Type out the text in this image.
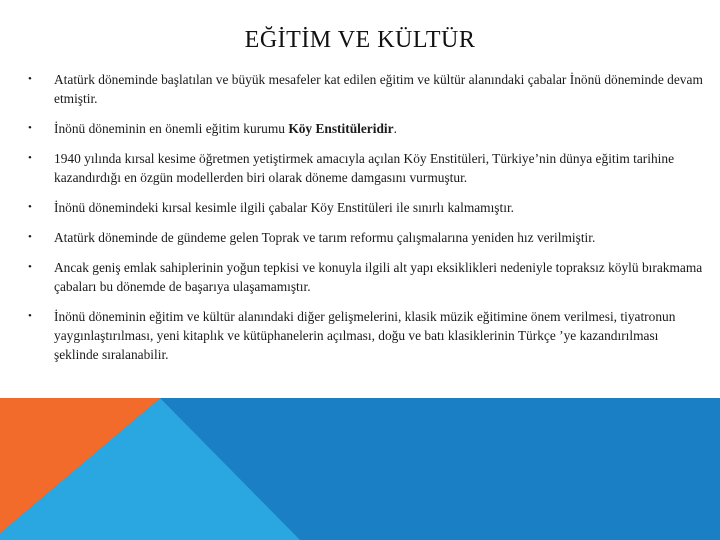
EĞİTİM VE KÜLTÜR
• Atatürk döneminde başlatılan ve büyük mesafeler kat edilen eğitim ve kültür alanındaki çabalar İnönü döneminde devam etmiştir.
• İnönü döneminin en önemli eğitim kurumu Köy Enstitüleridir.
• 1940 yılında kırsal kesime öğretmen yetiştirmek amacıyla açılan Köy Enstitüleri, Türkiye’nin dünya eğitim tarihine kazandırdığı en özgün modellerden biri olarak döneme damgasını vurmuştur.
• İnönü dönemindeki kırsal kesimle ilgili çabalar Köy Enstitüleri ile sınırlı kalmamıştır.
• Atatürk döneminde de gündeme gelen Toprak ve tarım reformu çalışmalarına yeniden hız verilmiştir.
• Ancak geniş emlak sahiplerinin yoğun tepkisi ve konuyla ilgili alt yapı eksiklikleri nedeniyle topraksız köylü bırakmama çabaları bu dönemde de başarıya ulaşamamıştır.
• İnönü döneminin eğitim ve kültür alanındaki diğer gelişmelerini, klasik müzik eğitimine önem verilmesi, tiyatronun yaygınlaştırılması, yeni kitaplık ve kütüphanelerin açılması, doğu ve batı klasiklerinin Türkçe ’ye kazandırılması şeklinde sıralanabilir.
